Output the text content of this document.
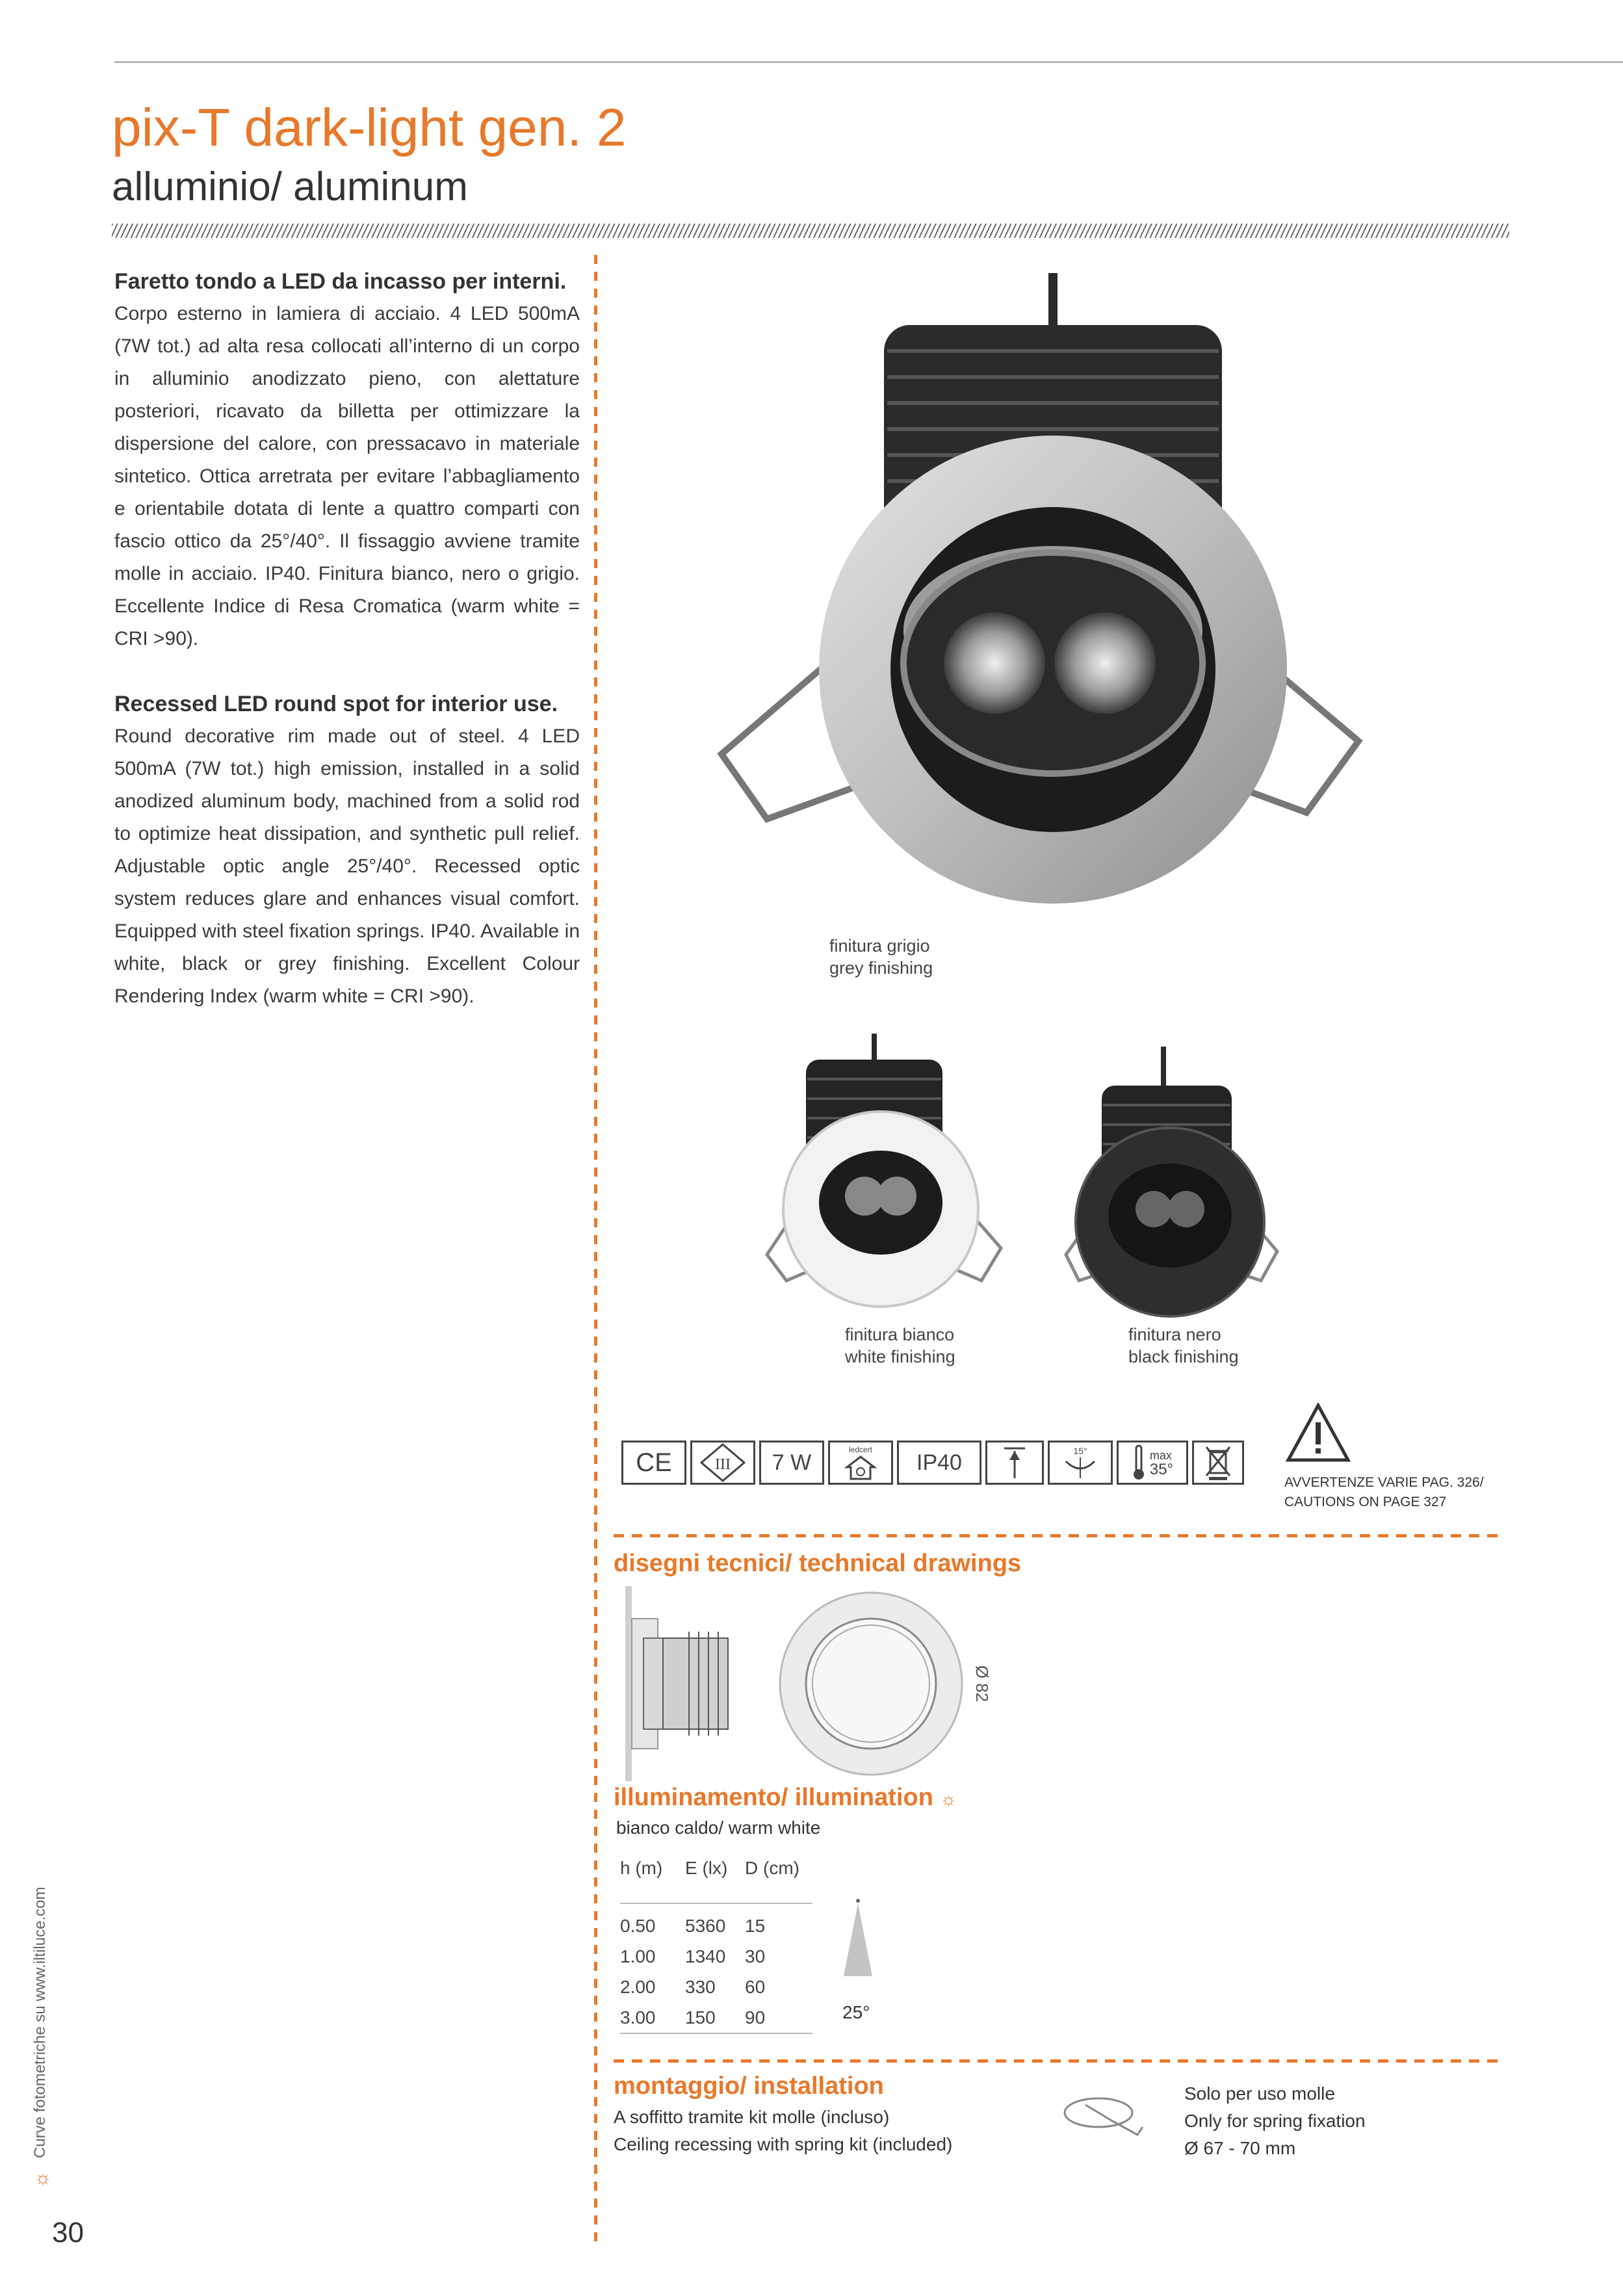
pix-T dark-light gen. 2
alluminio/ aluminum
Faretto tondo a LED da incasso per interni.
Corpo esterno in lamiera di acciaio. 4 LED 500mA (7W tot.) ad alta resa collocati all’interno di un corpo in alluminio anodizzato pieno, con alettature posteriori, ricavato da billetta per ottimizzare la dispersione del calore, con pressacavo in materiale sintetico. Ottica arretrata per evitare l’abbagliamento e orientabile dotata di lente a quattro comparti con fascio ottico da 25°/40°. Il fissaggio avviene tramite molle in acciaio. IP40. Finitura bianco, nero o grigio. Eccellente Indice di Resa Cromatica (warm white = CRI >90).
Recessed LED round spot for interior use.
Round decorative rim made out of steel. 4 LED 500mA (7W tot.) high emission, installed in a solid anodized aluminum body, machined from a solid rod to optimize heat dissipation, and synthetic pull relief. Adjustable optic angle 25°/40°. Recessed optic system reduces glare and enhances visual comfort. Equipped with steel fixation springs. IP40. Available in white, black or grey finishing. Excellent Colour Rendering Index (warm white = CRI >90).
finitura grigio
grey finishing
finitura bianco
white finishing
finitura nero
black finishing
CE	III 7 W
ledcert
IP40	15°	max
35°
AVVERTENZE VARIE PAG. 326/
CAUTIONS ON PAGE 327
disegni tecnici/ technical drawings
Ø 82
illuminamento/ illumination ☼
bianco caldo/ warm white
h (m)	E (lx)	D (cm)
0.50	5360	15
1.00	1340	30
2.00	330	60
3.00	150	90	25°
montaggio/ installation
A soffitto tramite kit molle (incluso)
Ceiling recessing with spring kit (included)
Solo per uso molle
Only for spring fixation
Ø 67 - 70 mm
Curve fotometriche su www.iltiluce.com
☼
30
